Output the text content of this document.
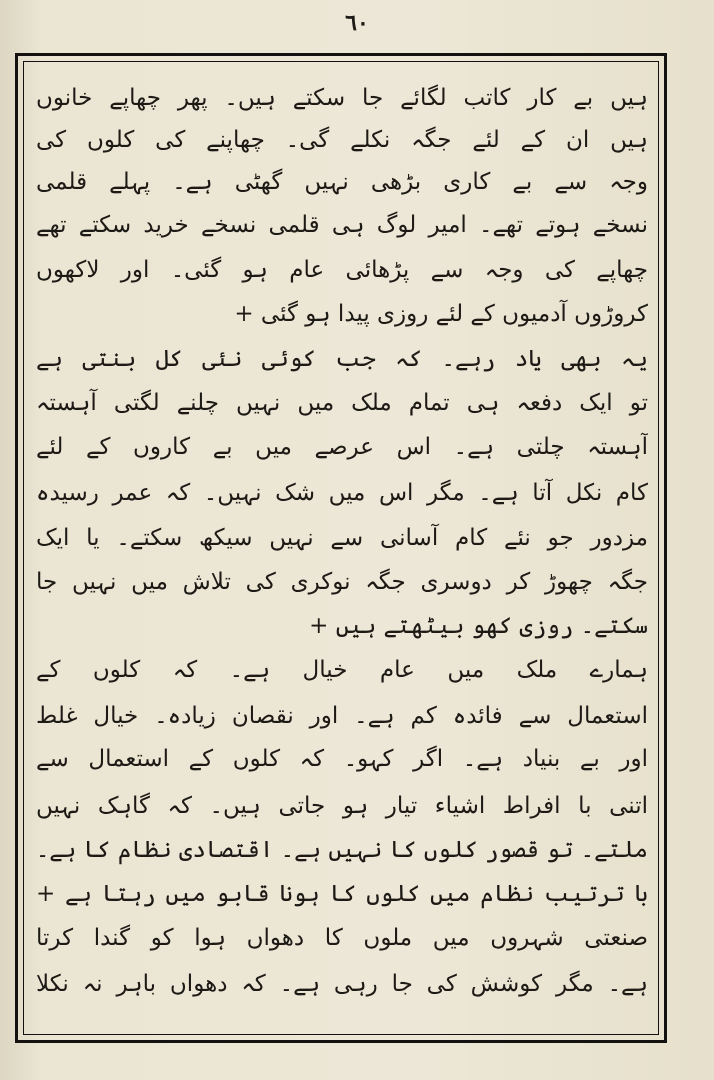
٦٠
ہیں بے کار کاتب لگائے جا سکتے ہیں۔ پھر چھاپے خانوں
ہیں ان کے لئے جگہ نکلے گی۔ چھاپنے کی کلوں کی
وجہ سے بے کاری بڑھی نہیں گھٹی ہے۔ پہلے قلمی
نسخے ہوتے تھے۔ امیر لوگ ہی قلمی نسخے خرید سکتے تھے
چھاپے کی وجہ سے پڑھائی عام ہو گئی۔ اور لاکھوں
کروڑوں آدمیوں کے لئے روزی پیدا ہو گئی +
یہ بھی یاد رہے۔ کہ جب کوئی نئی کل بنتی ہے
تو ایک دفعہ ہی تمام ملک میں نہیں چلنے لگتی آہستہ
آہستہ چلتی ہے۔ اس عرصے میں بے کاروں کے لئے
کام نکل آتا ہے۔ مگر اس میں شک نہیں۔ کہ عمر رسیدہ
مزدور جو نئے کام آسانی سے نہیں سیکھ سکتے۔ یا ایک
جگہ چھوڑ کر دوسری جگہ نوکری کی تلاش میں نہیں جا
سکتے۔ روزی کھو بیٹھتے ہیں +
ہمارے ملک میں عام خیال ہے۔ کہ کلوں کے
استعمال سے فائدہ کم ہے۔ اور نقصان زیادہ۔ خیال غلط
اور بے بنیاد ہے۔ اگر کہو۔ کہ کلوں کے استعمال سے
اتنی با افراط اشیاء تیار ہو جاتی ہیں۔ کہ گاہک نہیں
ملتے۔ تو قصور کلوں کا نہیں ہے۔ اقتصادی نظام کا ہے۔
با ترتیب نظام میں کلوں کا ہونا قابو میں رہتا ہے +
صنعتی شہروں میں ملوں کا دھواں ہوا کو گندا کرتا
ہے۔ مگر کوشش کی جا رہی ہے۔ کہ دھواں باہر نہ نکلا
